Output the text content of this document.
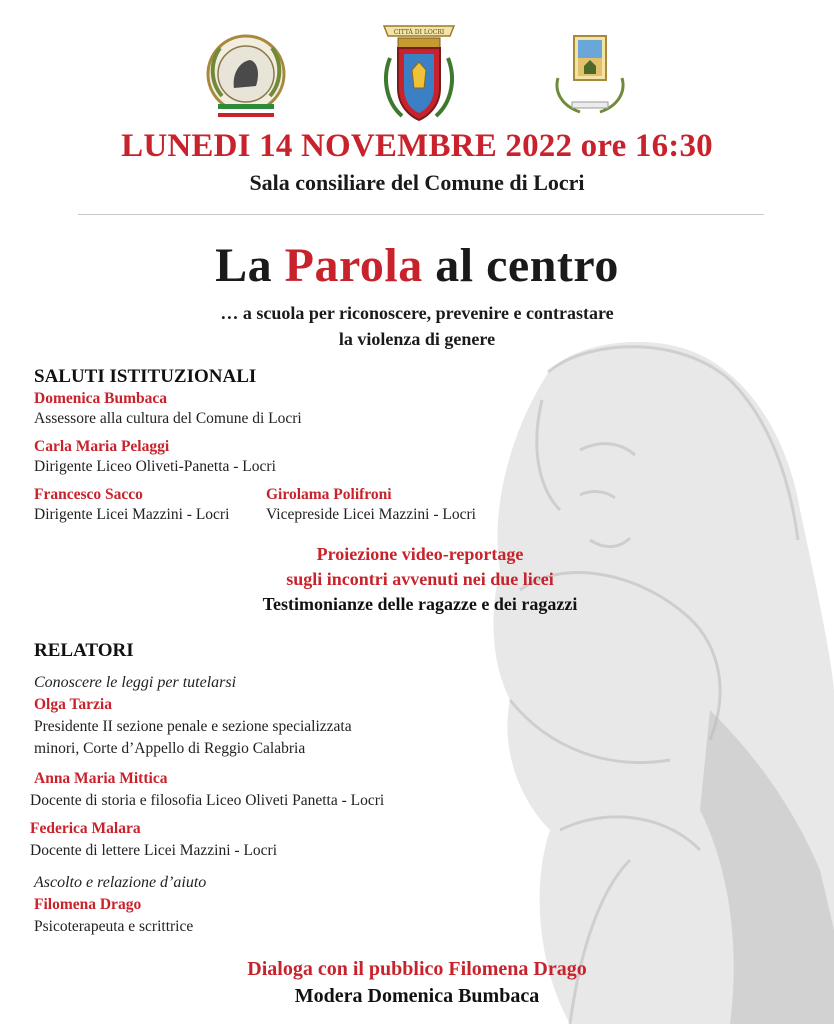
CITTÀ DI LOCRI
LUNEDI 14 NOVEMBRE 2022 ore 16:30
Sala consiliare del Comune di Locri
La Parola al centro
… a scuola per riconoscere, prevenire e contrastare
la violenza di genere
SALUTI ISTITUZIONALI
Domenica Bumbaca
Assessore alla cultura del Comune di Locri
Carla Maria Pelaggi
Dirigente Liceo Oliveti-Panetta - Locri
Francesco Sacco
Dirigente Licei Mazzini - Locri
Girolama Polifroni
Vicepreside Licei Mazzini - Locri
Proiezione video-reportage
sugli incontri avvenuti nei due licei
Testimonianze delle ragazze e dei ragazzi
RELATORI
Conoscere le leggi per tutelarsi
Olga Tarzia
Presidente II sezione penale e sezione specializzata
minori, Corte d’Appello di Reggio Calabria
Anna Maria Mittica
Docente di storia e filosofia Liceo Oliveti Panetta - Locri
Federica Malara
Docente di lettere Licei Mazzini - Locri
Ascolto e relazione d’aiuto
Filomena Drago
Psicoterapeuta e scrittrice
Dialoga con il pubblico Filomena Drago
Modera Domenica Bumbaca
